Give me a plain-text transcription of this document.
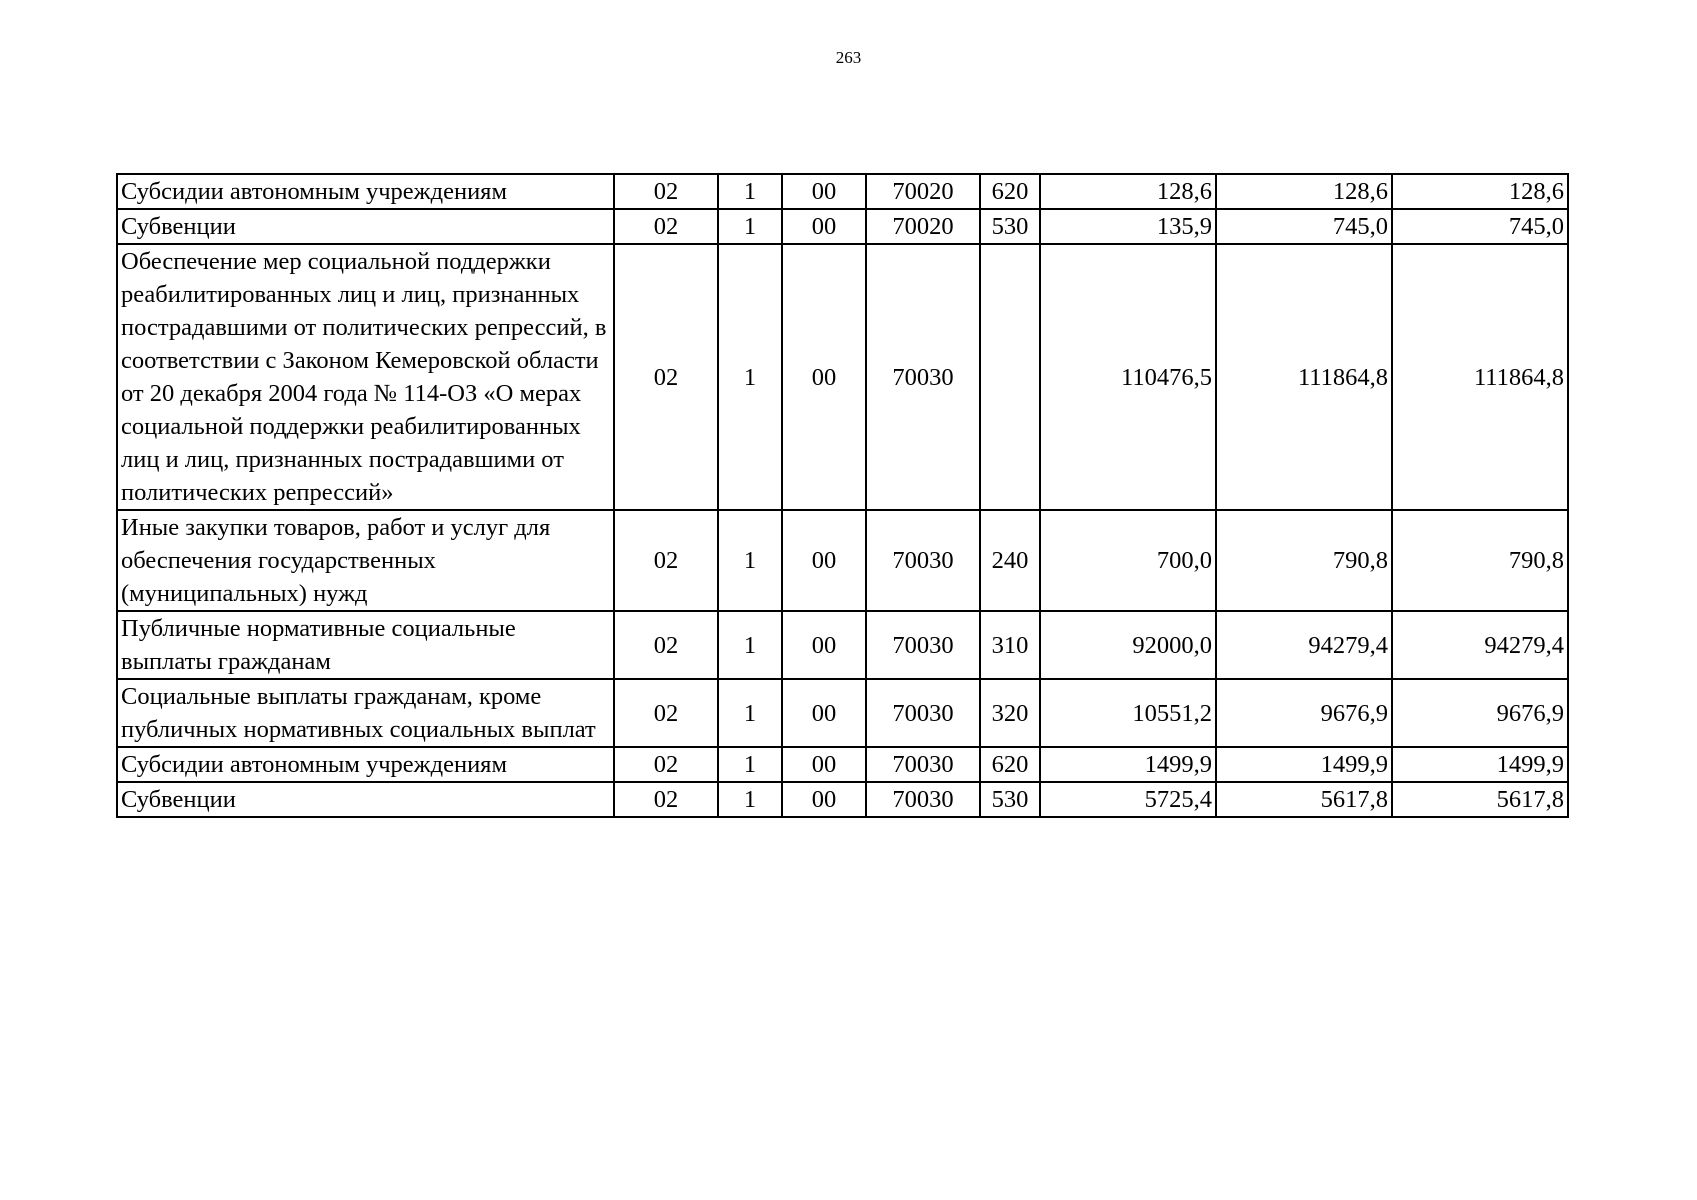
263
Субсидии автономным учреждениям	02	1	00	70020	620	128,6	128,6	128,6
Субвенции	02	1	00	70020	530	135,9	745,0	745,0
Обеспечение мер социальной поддержки реабилитированных лиц и лиц, признанных пострадавшими от политических репрессий, в соответствии с Законом Кемеровской области от 20 декабря 2004 года № 114-ОЗ «О мерах социальной поддержки реабилитированных лиц и лиц, признанных пострадавшими от политических репрессий»	02	1	00	70030		110476,5	111864,8	111864,8
Иные закупки товаров, работ и услуг для обеспечения государственных (муниципальных) нужд	02	1	00	70030	240	700,0	790,8	790,8
Публичные нормативные социальные выплаты гражданам	02	1	00	70030	310	92000,0	94279,4	94279,4
Социальные выплаты гражданам, кроме публичных нормативных социальных выплат	02	1	00	70030	320	10551,2	9676,9	9676,9
Субсидии автономным учреждениям	02	1	00	70030	620	1499,9	1499,9	1499,9
Субвенции	02	1	00	70030	530	5725,4	5617,8	5617,8
